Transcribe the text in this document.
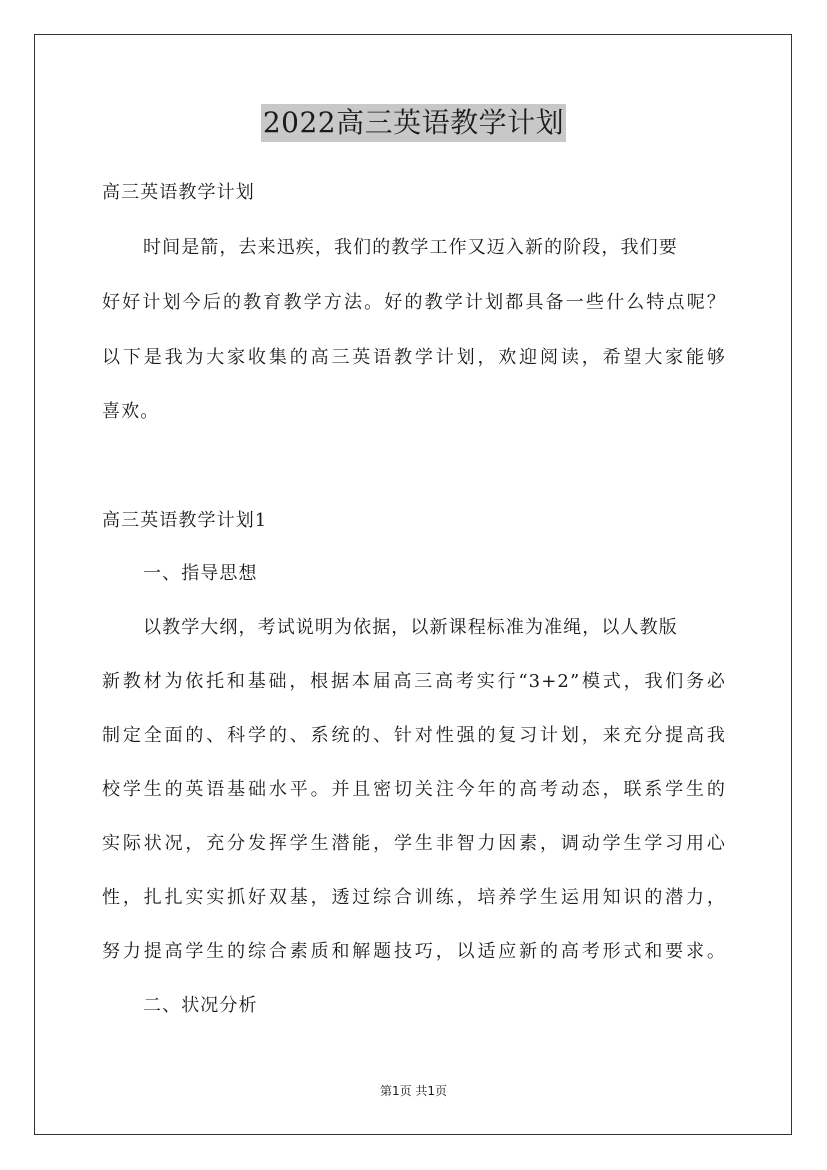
2022高三英语教学计划
高三英语教学计划
时间是箭，去来迅疾，我们的教学工作又迈入新的阶段，我们要
好好计划今后的教育教学方法。好的教学计划都具备一些什么特点呢？
以下是我为大家收集的高三英语教学计划，欢迎阅读，希望大家能够
喜欢。
高三英语教学计划1
一、指导思想
以教学大纲，考试说明为依据，以新课程标准为准绳，以人教版
新教材为依托和基础，根据本届高三高考实行“3+2”模式，我们务必
制定全面的、科学的、系统的、针对性强的复习计划，来充分提高我
校学生的英语基础水平。并且密切关注今年的高考动态，联系学生的
实际状况，充分发挥学生潜能，学生非智力因素，调动学生学习用心
性，扎扎实实抓好双基，透过综合训练，培养学生运用知识的潜力，
努力提高学生的综合素质和解题技巧，以适应新的高考形式和要求。
二、状况分析
第1页 共1页
